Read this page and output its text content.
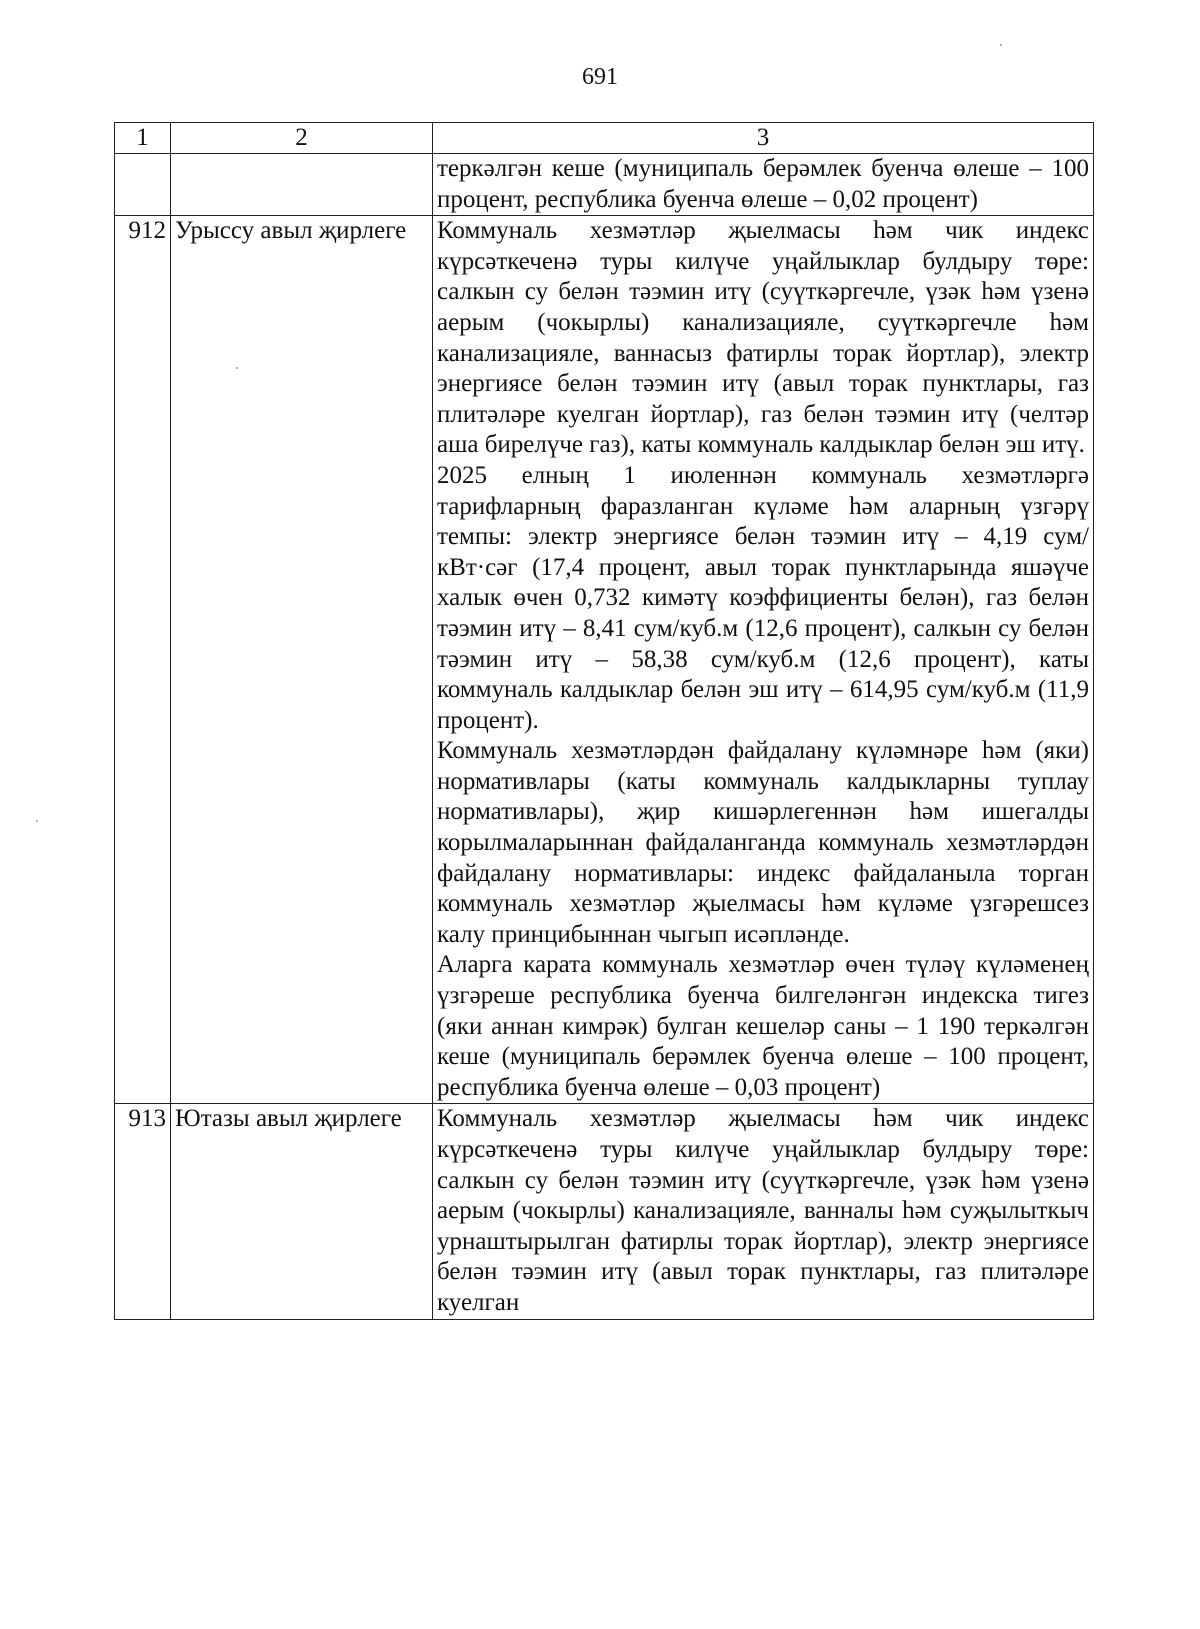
691
1	2	3

		теркәлгән кеше (муниципаль берәмлек буенча өлеше – 100 процент, республика буенча өлеше – 0,02 процент)

912	Урыссу авыл җирлеге	Коммуналь хезмәтләр җыелмасы һәм чик индекс күрсәткеченә туры килүче уңайлыклар булдыру төре: салкын су белән тәэмин итү (суүткәргечле, үзәк һәм үзенә аерым (чокырлы) канализацияле, суүткәргечле һәм канализацияле, ваннасыз фатирлы торак йортлар), электр энергиясе белән тәэмин итү (авыл торак пунктлары, газ плитәләре куелган йортлар), газ белән тәэмин итү (челтәр аша бирелүче газ), каты коммуналь калдыклар белән эш итү.

2025 елның 1 июленнән коммуналь хезмәтләргә тарифларның фаразланган күләме һәм аларның үзгәрү темпы: электр энергиясе белән тәэмин итү – 4,19 сум/кВт·сәг (17,4 процент, авыл торак пунктларында яшәүче халык өчен 0,732 кимәтү коэффициенты белән), газ белән тәэмин итү – 8,41 сум/куб.м (12,6 процент), салкын су белән тәэмин итү – 58,38 сум/куб.м (12,6 процент), каты коммуналь калдыклар белән эш итү – 614,95 сум/куб.м (11,9 процент).

Коммуналь хезмәтләрдән файдалану күләмнәре һәм (яки) нормативлары (каты коммуналь калдыкларны туплау нормативлары), җир кишәрлегеннән һәм ишегалды корылмаларыннан файдаланганда коммуналь хезмәтләрдән файдалану нормативлары: индекс файдаланыла торган коммуналь хезмәтләр җыелмасы һәм күләме үзгәрешсез калу принцибыннан чыгып исәпләнде.

Аларга карата коммуналь хезмәтләр өчен түләү күләменең үзгәреше республика буенча билгеләнгән индекска тигез (яки аннан кимрәк) булган кешеләр саны – 1 190 теркәлгән кеше (муниципаль берәмлек буенча өлеше – 100 процент, республика буенча өлеше – 0,03 процент)

913	Ютазы авыл җирлеге	Коммуналь хезмәтләр җыелмасы һәм чик индекс күрсәткеченә туры килүче уңайлыклар булдыру төре: салкын су белән тәэмин итү (суүткәргечле, үзәк һәм үзенә аерым (чокырлы) канализацияле, ванналы һәм суҗылыткыч урнаштырылган фатирлы торак йортлар), электр энергиясе белән тәэмин итү (авыл торак пунктлары, газ плитәләре куелган
